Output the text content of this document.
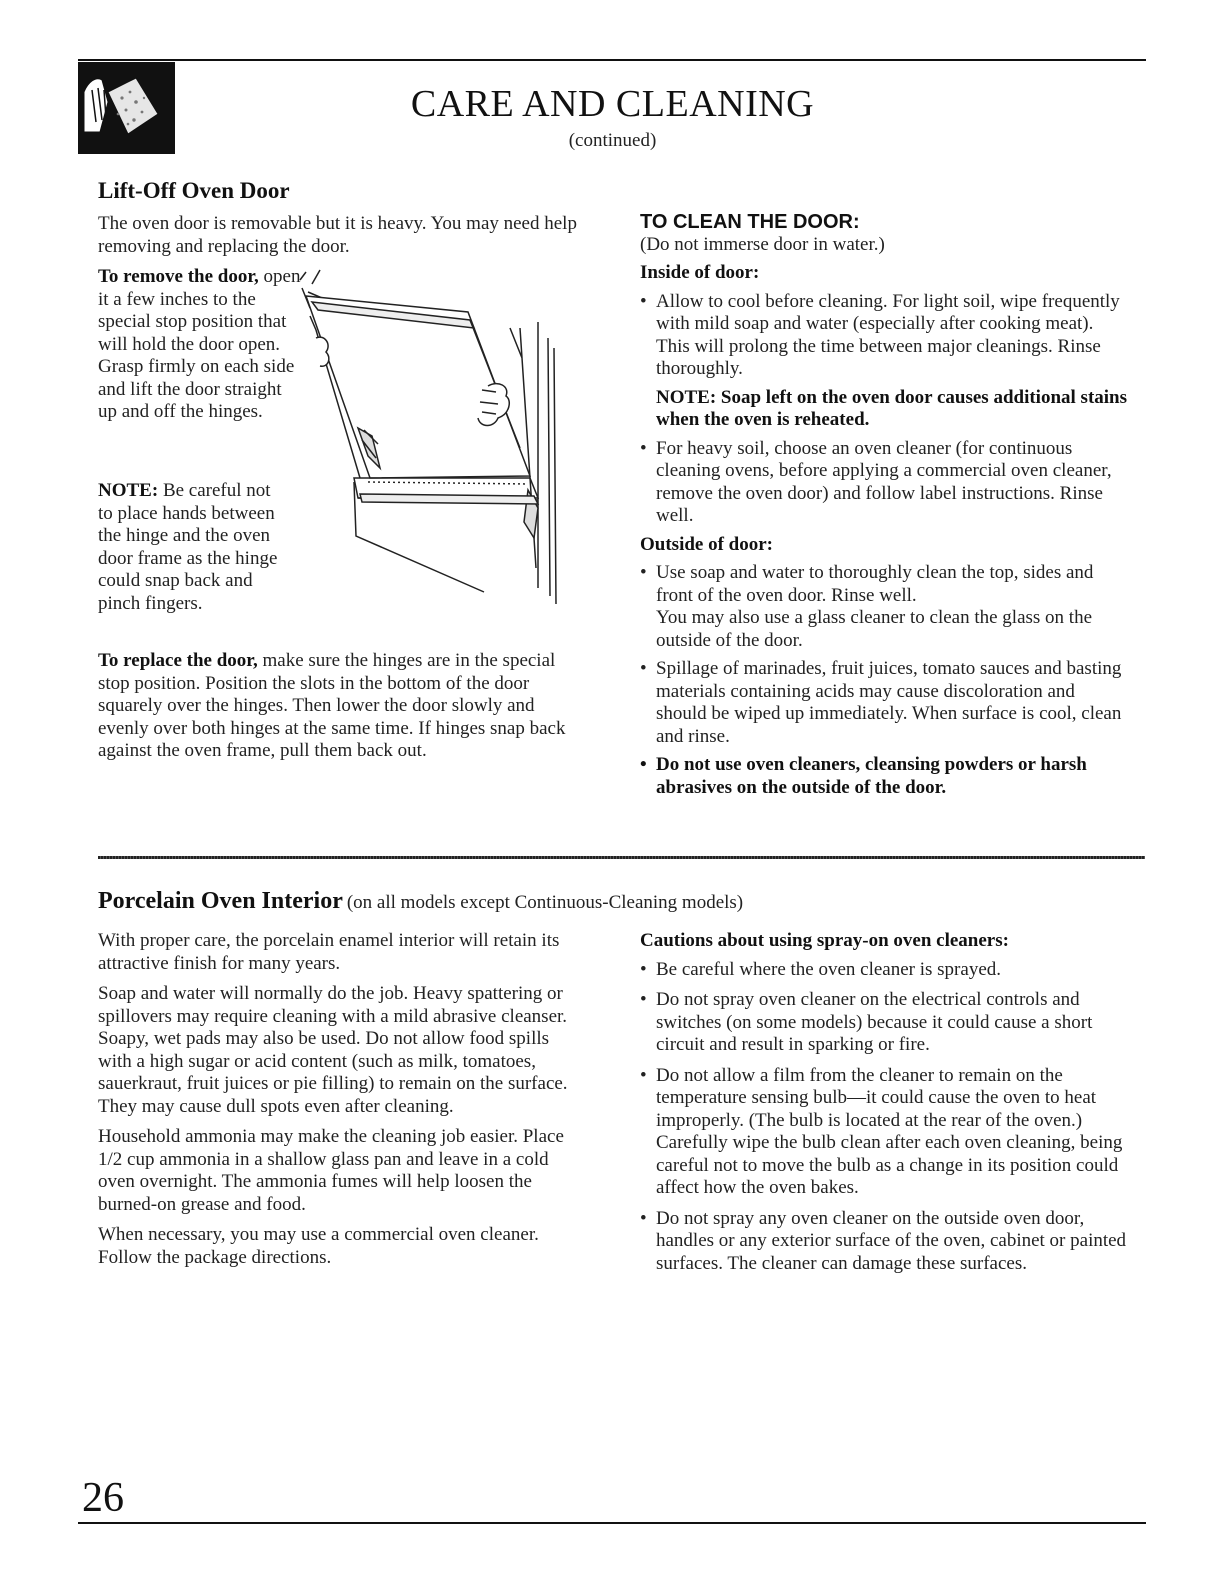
CARE AND CLEANING
(continued)
Lift-Off Oven Door
The oven door is removable but it is heavy. You may need help removing and replacing the door.
To remove the door, open it a few inches to the special stop position that will hold the door open. Grasp firmly on each side and lift the door straight up and off the hinges.
NOTE: Be careful not to place hands between the hinge and the oven door frame as the hinge could snap back and pinch fingers.
To replace the door, make sure the hinges are in the special stop position. Position the slots in the bottom of the door squarely over the hinges. Then lower the door slowly and evenly over both hinges at the same time. If hinges snap back against the oven frame, pull them back out.
TO CLEAN THE DOOR:

(Do not immerse door in water.)

Inside of door:

• Allow to cool before cleaning. For light soil, wipe frequently with mild soap and water (especially after cooking meat). This will prolong the time between major cleanings. Rinse thoroughly.

NOTE: Soap left on the oven door causes additional stains when the oven is reheated.

• For heavy soil, choose an oven cleaner (for continuous cleaning ovens, before applying a commercial oven cleaner, remove the oven door) and follow label instructions. Rinse well.

Outside of door:

• Use soap and water to thoroughly clean the top, sides and front of the oven door. Rinse well.

You may also use a glass cleaner to clean the glass on the outside of the door.

• Spillage of marinades, fruit juices, tomato sauces and basting materials containing acids may cause discoloration and should be wiped up immediately. When surface is cool, clean and rinse.

• Do not use oven cleaners, cleansing powders or harsh abrasives on the outside of the door.

Porcelain Oven Interior (on all models except Continuous-Cleaning models)

With proper care, the porcelain enamel interior will retain its attractive finish for many years.

Soap and water will normally do the job. Heavy spattering or spillovers may require cleaning with a mild abrasive cleanser. Soapy, wet pads may also be used. Do not allow food spills with a high sugar or acid content (such as milk, tomatoes, sauerkraut, fruit juices or pie filling) to remain on the surface. They may cause dull spots even after cleaning.

Household ammonia may make the cleaning job easier. Place 1/2 cup ammonia in a shallow glass pan and leave in a cold oven overnight. The ammonia fumes will help loosen the burned-on grease and food.

When necessary, you may use a commercial oven cleaner. Follow the package directions.

Cautions about using spray-on oven cleaners:

• Be careful where the oven cleaner is sprayed.

• Do not spray oven cleaner on the electrical controls and switches (on some models) because it could cause a short circuit and result in sparking or fire.

• Do not allow a film from the cleaner to remain on the temperature sensing bulb—it could cause the oven to heat improperly. (The bulb is located at the rear of the oven.) Carefully wipe the bulb clean after each oven cleaning, being careful not to move the bulb as a change in its position could affect how the oven bakes.

• Do not spray any oven cleaner on the outside oven door, handles or any exterior surface of the oven, cabinet or painted surfaces. The cleaner can damage these surfaces.

26
